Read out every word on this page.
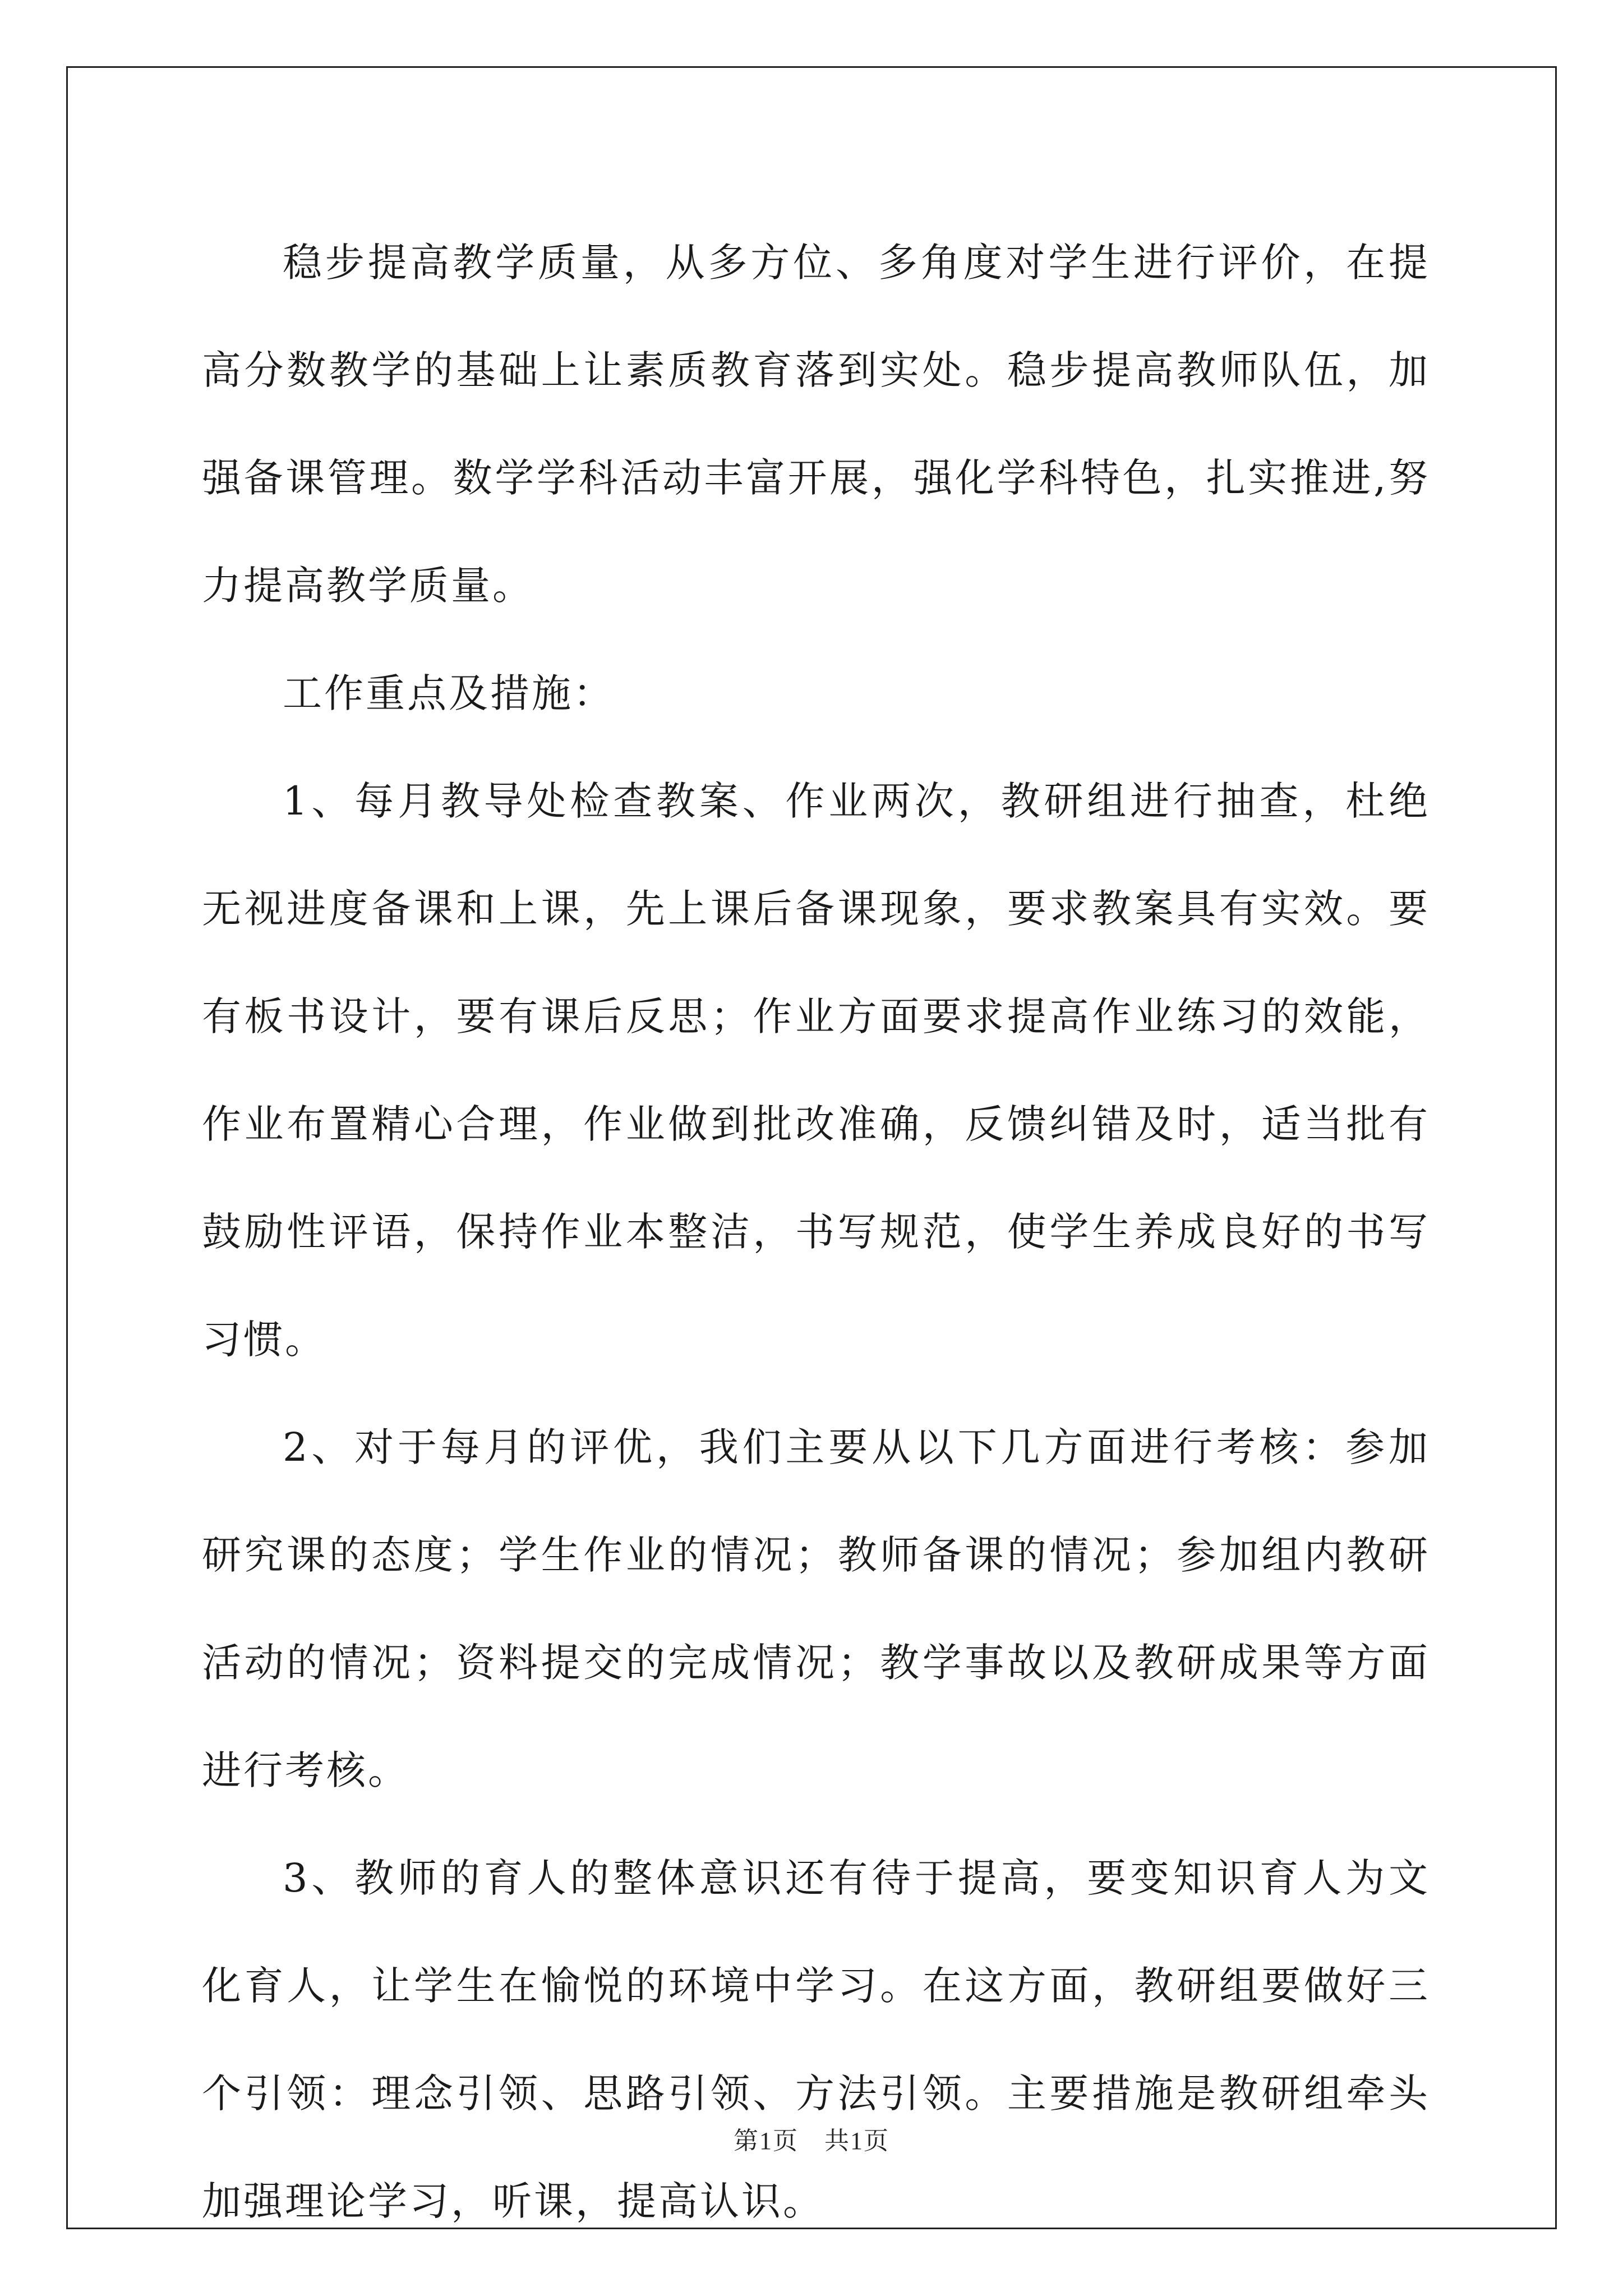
稳步提高教学质量，从多方位、多角度对学生进行评价，在提高分数教学的基础上让素质教育落到实处。稳步提高教师队伍，加强备课管理。数学学科活动丰富开展，强化学科特色，扎实推进,努力提高教学质量。

工作重点及措施：

1、每月教导处检查教案、作业两次，教研组进行抽查，杜绝无视进度备课和上课，先上课后备课现象，要求教案具有实效。要有板书设计，要有课后反思；作业方面要求提高作业练习的效能，作业布置精心合理，作业做到批改准确，反馈纠错及时，适当批有鼓励性评语，保持作业本整洁，书写规范，使学生养成良好的书写习惯。

2、对于每月的评优，我们主要从以下几方面进行考核：参加研究课的态度；学生作业的情况；教师备课的情况；参加组内教研活动的情况；资料提交的完成情况；教学事故以及教研成果等方面进行考核。

3、教师的育人的整体意识还有待于提高，要变知识育人为文化育人，让学生在愉悦的环境中学习。在这方面，教研组要做好三个引领：理念引领、思路引领、方法引领。主要措施是教研组牵头加强理论学习，听课，提高认识。

第1页　共1页
